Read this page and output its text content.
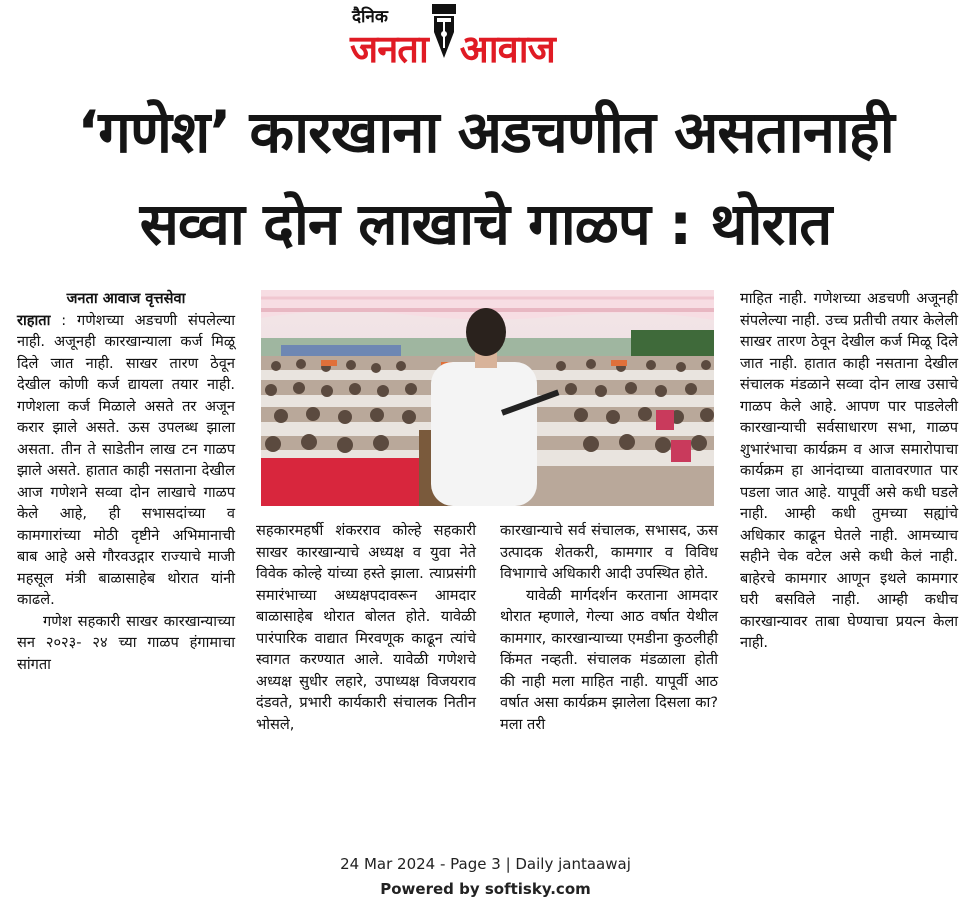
दैनिक
जनता आवाज
‘गणेश’ कारखाना अडचणीत असतानाही
सव्वा दोन लाखाचे गाळप : थोरात
जनता आवाज वृत्तसेवा

राहाता : गणेशच्या अडचणी संपलेल्या नाही. अजूनही कारखान्याला कर्ज मिळू दिले जात नाही. साखर तारण ठेवून देखील कोणी कर्ज द्यायला तयार नाही. गणेशला कर्ज मिळाले असते तर अजून करार झाले असते. ऊस उपलब्ध झाला असता. तीन ते साडेतीन लाख टन गाळप झाले असते. हातात काही नसताना देखील आज गणेशने सव्वा दोन लाखाचे गाळप केले आहे, ही सभासदांच्या व कामगारांच्या मोठी दृष्टीने अभिमानाची बाब आहे असे गौरवउद्गार राज्याचे माजी महसूल मंत्री बाळासाहेब थोरात यांनी काढले.

गणेश सहकारी साखर कारखान्याच्या सन २०२३- २४ च्या गाळप हंगामाचा सांगता

सहकारमहर्षी शंकरराव कोल्हे सहकारी साखर कारखान्याचे अध्यक्ष व युवा नेते विवेक कोल्हे यांच्या हस्ते झाला. त्याप्रसंगी समारंभाच्या अध्यक्षपदावरून आमदार बाळासाहेब थोरात बोलत होते. यावेळी पारंपारिक वाद्यात मिरवणूक काढून त्यांचे स्वागत करण्यात आले. यावेळी गणेशचे अध्यक्ष सुधीर लहारे, उपाध्यक्ष विजयराव दंडवते, प्रभारी कार्यकारी संचालक नितीन भोसले,

कारखान्याचे सर्व संचालक, सभासद, ऊस उत्पादक शेतकरी, कामगार व विविध विभागाचे अधिकारी आदी उपस्थित होते.

यावेळी मार्गदर्शन करताना आमदार थोरात म्हणाले, गेल्या आठ वर्षात येथील कामगार, कारखान्याच्या एमडीना कुठलीही किंमत नव्हती. संचालक मंडळाला होती की नाही मला माहित नाही. यापूर्वी आठ वर्षात असा कार्यक्रम झालेला दिसला का? मला तरी

माहित नाही. गणेशच्या अडचणी अजूनही संपलेल्या नाही. उच्च प्रतीची तयार केलेली साखर तारण ठेवून देखील कर्ज मिळू दिले जात नाही. हातात काही नसताना देखील संचालक मंडळाने सव्वा दोन लाख उसाचे गाळप केले आहे. आपण पार पाडलेली कारखान्याची सर्वसाधारण सभा, गाळप शुभारंभाचा कार्यक्रम व आज समारोपाचा कार्यक्रम हा आनंदाच्या वातावरणात पार पडला जात आहे. यापूर्वी असे कधी घडले नाही. आम्ही कधी तुमच्या सह्यांचे अधिकार काढून घेतले नाही. आमच्याच सहीने चेक वटेल असे कधी केलं नाही. बाहेरचे कामगार आणून इथले कामगार घरी बसविले नाही. आम्ही कधीच कारखान्यावर ताबा घेण्याचा प्रयत्न केला नाही.

24 Mar 2024 - Page 3 | Daily jantaawaj
Powered by softisky.com
